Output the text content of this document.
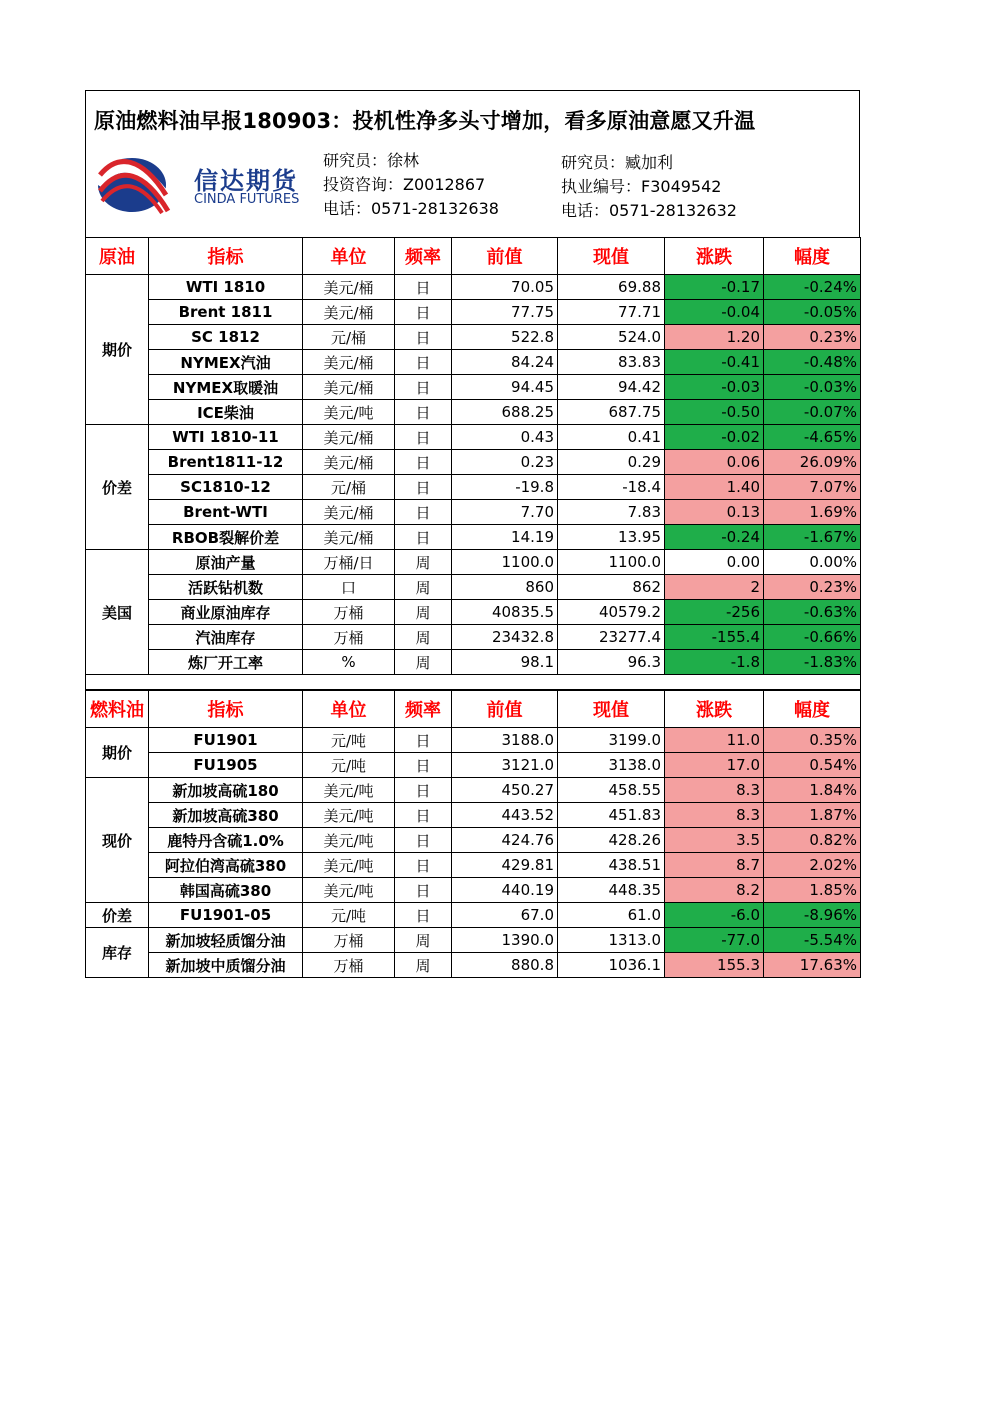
原油燃料油早报180903：投机性净多头寸增加，看多原油意愿又升温
信达期货
CINDA FUTURES
研究员：徐林
投资咨询：Z0012867
电话：0571-28132638
研究员：臧加利
执业编号：F3049542
电话：0571-28132632
原油	指标	单位	频率	前值	现值	涨跌	幅度
期价	WTI 1810	美元/桶	日	70.05	69.88	-0.17	-0.24%
	Brent 1811	美元/桶	日	77.75	77.71	-0.04	-0.05%
	SC 1812	元/桶	日	522.8	524.0	1.20	0.23%
	NYMEX汽油	美元/桶	日	84.24	83.83	-0.41	-0.48%
	NYMEX取暖油	美元/桶	日	94.45	94.42	-0.03	-0.03%
	ICE柴油	美元/吨	日	688.25	687.75	-0.50	-0.07%
价差	WTI 1810-11	美元/桶	日	0.43	0.41	-0.02	-4.65%
	Brent1811-12	美元/桶	日	0.23	0.29	0.06	26.09%
	SC1810-12	元/桶	日	-19.8	-18.4	1.40	7.07%
	Brent-WTI	美元/桶	日	7.70	7.83	0.13	1.69%
	RBOB裂解价差	美元/桶	日	14.19	13.95	-0.24	-1.67%
美国	原油产量	万桶/日	周	1100.0	1100.0	0.00	0.00%
	活跃钻机数	口	周	860	862	2	0.23%
	商业原油库存	万桶	周	40835.5	40579.2	-256	-0.63%
	汽油库存	万桶	周	23432.8	23277.4	-155.4	-0.66%
	炼厂开工率	%	周	98.1	96.3	-1.8	-1.83%

燃料油	指标	单位	频率	前值	现值	涨跌	幅度
期价	FU1901	元/吨	日	3188.0	3199.0	11.0	0.35%
	FU1905	元/吨	日	3121.0	3138.0	17.0	0.54%
现价	新加坡高硫180	美元/吨	日	450.27	458.55	8.3	1.84%
	新加坡高硫380	美元/吨	日	443.52	451.83	8.3	1.87%
	鹿特丹含硫1.0%	美元/吨	日	424.76	428.26	3.5	0.82%
	阿拉伯湾高硫380	美元/吨	日	429.81	438.51	8.7	2.02%
	韩国高硫380	美元/吨	日	440.19	448.35	8.2	1.85%
价差	FU1901-05	元/吨	日	67.0	61.0	-6.0	-8.96%
库存	新加坡轻质馏分油	万桶	周	1390.0	1313.0	-77.0	-5.54%
	新加坡中质馏分油	万桶	周	880.8	1036.1	155.3	17.63%
